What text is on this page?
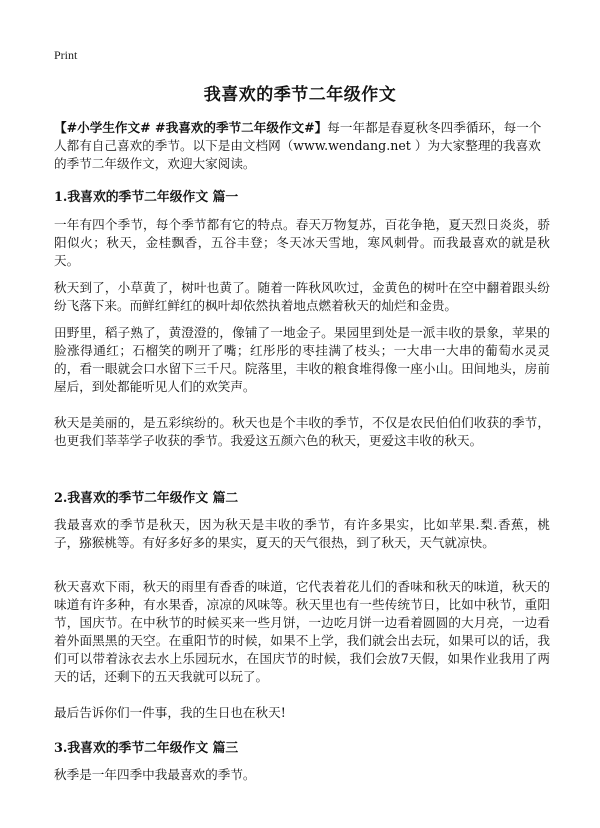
Print
我喜欢的季节二年级作文
【#小学生作文# #我喜欢的季节二年级作文#】每一年都是春夏秋冬四季循环，每一个人都有自己喜欢的季节。以下是由文档网（www.wendang.net ）为大家整理的我喜欢的季节二年级作文，欢迎大家阅读。
1.我喜欢的季节二年级作文 篇一
一年有四个季节，每个季节都有它的特点。春天万物复苏，百花争艳，夏天烈日炎炎，骄阳似火；秋天，金桂飘香，五谷丰登；冬天冰天雪地，寒风刺骨。而我最喜欢的就是秋天。
秋天到了，小草黄了，树叶也黄了。随着一阵秋风吹过，金黄色的树叶在空中翻着跟头纷纷飞落下来。而鲜红鲜红的枫叶却依然执着地点燃着秋天的灿烂和金贵。
田野里，稻子熟了，黄澄澄的，像铺了一地金子。果园里到处是一派丰收的景象，苹果的脸涨得通红；石榴笑的咧开了嘴；红彤彤的枣挂满了枝头；一大串一大串的葡萄水灵灵的，看一眼就会口水留下三千尺。院落里，丰收的粮食堆得像一座小山。田间地头，房前屋后，到处都能听见人们的欢笑声。
秋天是美丽的，是五彩缤纷的。秋天也是个丰收的季节，不仅是农民伯伯们收获的季节，也更我们莘莘学子收获的季节。我爱这五颜六色的秋天，更爱这丰收的秋天。
2.我喜欢的季节二年级作文 篇二
我最喜欢的季节是秋天，因为秋天是丰收的季节，有许多果实，比如苹果.梨.香蕉，桃子，猕猴桃等。有好多好多的果实，夏天的天气很热，到了秋天，天气就凉快。
秋天喜欢下雨，秋天的雨里有香香的味道，它代表着花儿们的香味和秋天的味道，秋天的味道有许多种，有水果香，凉凉的风味等。秋天里也有一些传统节日，比如中秋节，重阳节，国庆节。在中秋节的时候买来一些月饼，一边吃月饼一边看着圆圆的大月亮，一边看着外面黑黑的天空。在重阳节的时候，如果不上学，我们就会出去玩，如果可以的话，我们可以带着泳衣去水上乐园玩水，在国庆节的时候，我们会放7天假，如果作业我用了两天的话，还剩下的五天我就可以玩了。
最后告诉你们一件事，我的生日也在秋天!
3.我喜欢的季节二年级作文 篇三
秋季是一年四季中我最喜欢的季节。
